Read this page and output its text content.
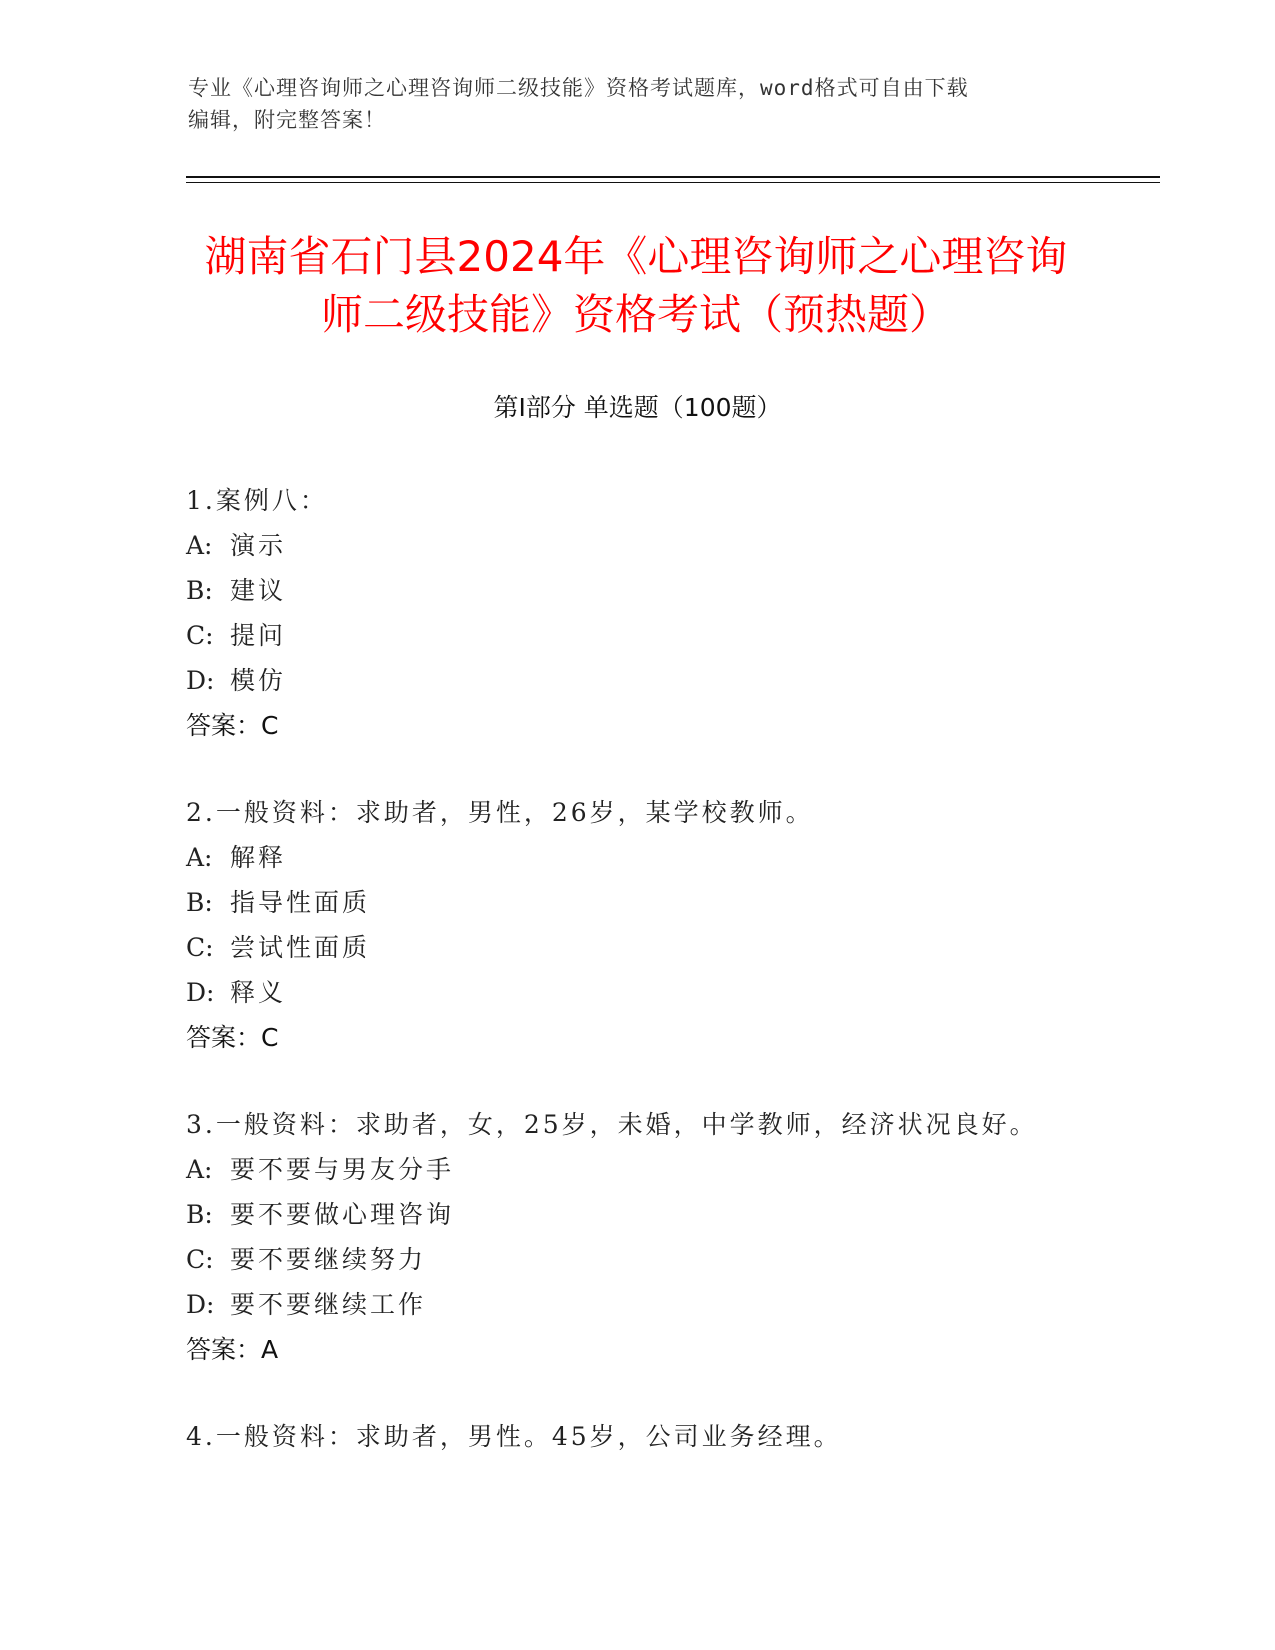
专业《心理咨询师之心理咨询师二级技能》资格考试题库，word格式可自由下载
编辑，附完整答案！
湖南省石门县2024年《心理咨询师之心理咨询师二级技能》资格考试（预热题）
第Ⅰ部分 单选题（100题）
1.案例八：
A: 演示
B: 建议
C: 提问
D: 模仿
答案：C
2.一般资料：求助者，男性，26岁，某学校教师。
A: 解释
B: 指导性面质
C: 尝试性面质
D: 释义
答案：C
3.一般资料：求助者，女，25岁，未婚，中学教师，经济状况良好。
A: 要不要与男友分手
B: 要不要做心理咨询
C: 要不要继续努力
D: 要不要继续工作
答案：A
4.一般资料：求助者，男性。45岁，公司业务经理。
